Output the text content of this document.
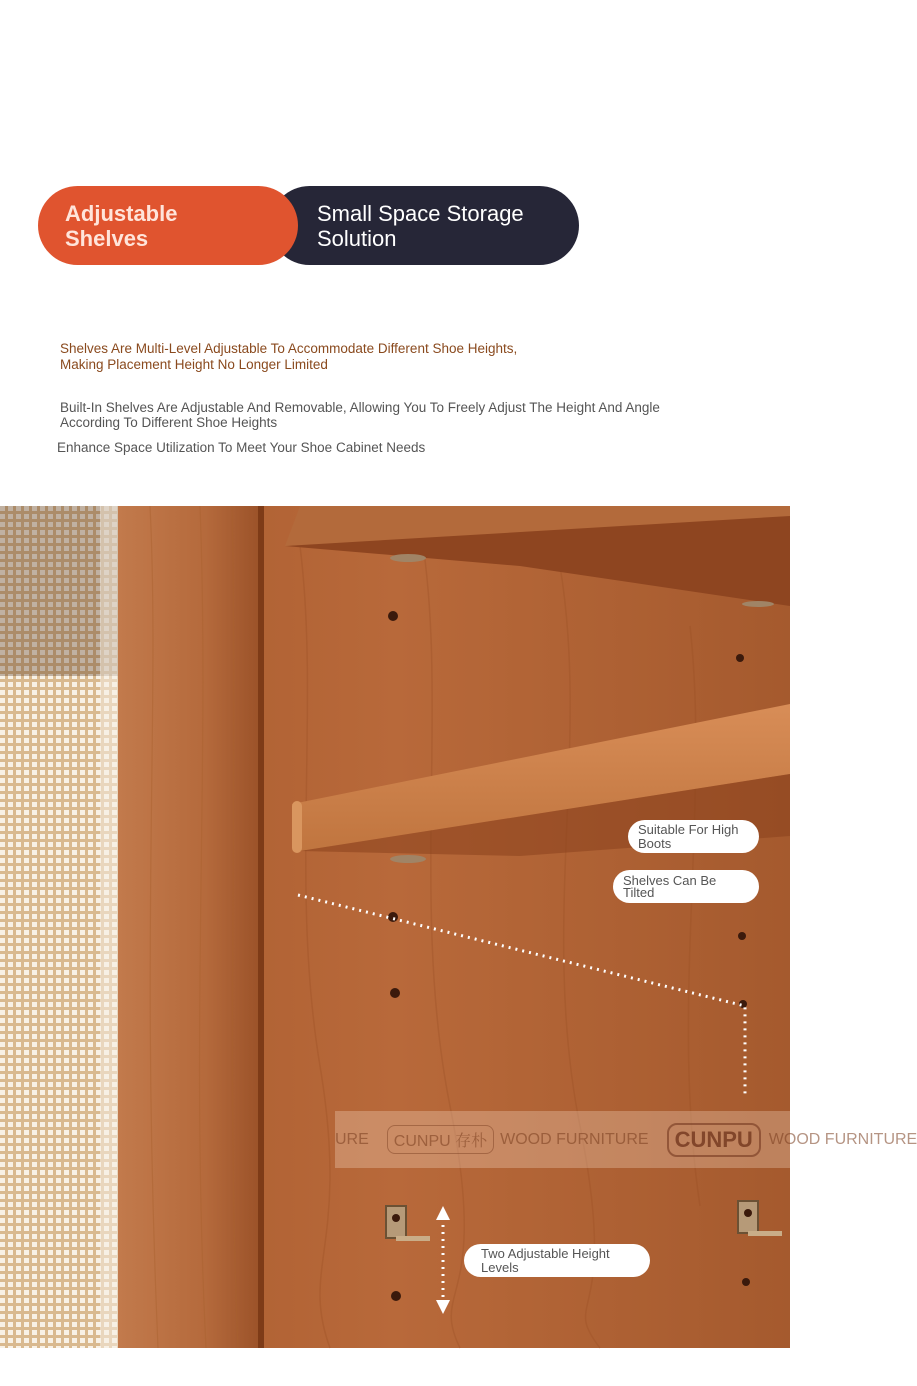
Small Space Storage
Solution
Adjustable
Shelves
Shelves Are Multi-Level Adjustable To Accommodate Different Shoe Heights,
Making Placement Height No Longer Limited
Built-In Shelves Are Adjustable And Removable, Allowing You To Freely Adjust The Height And Angle
According To Different Shoe Heights
Enhance Space Utilization To Meet Your Shoe Cabinet Needs
URE	CUNPU 存朴 WOOD FURNITURE	CUNPU	WOOD FURNITURE
Suitable For High
Boots
Shelves Can Be
Tilted
Two Adjustable Height
Levels
